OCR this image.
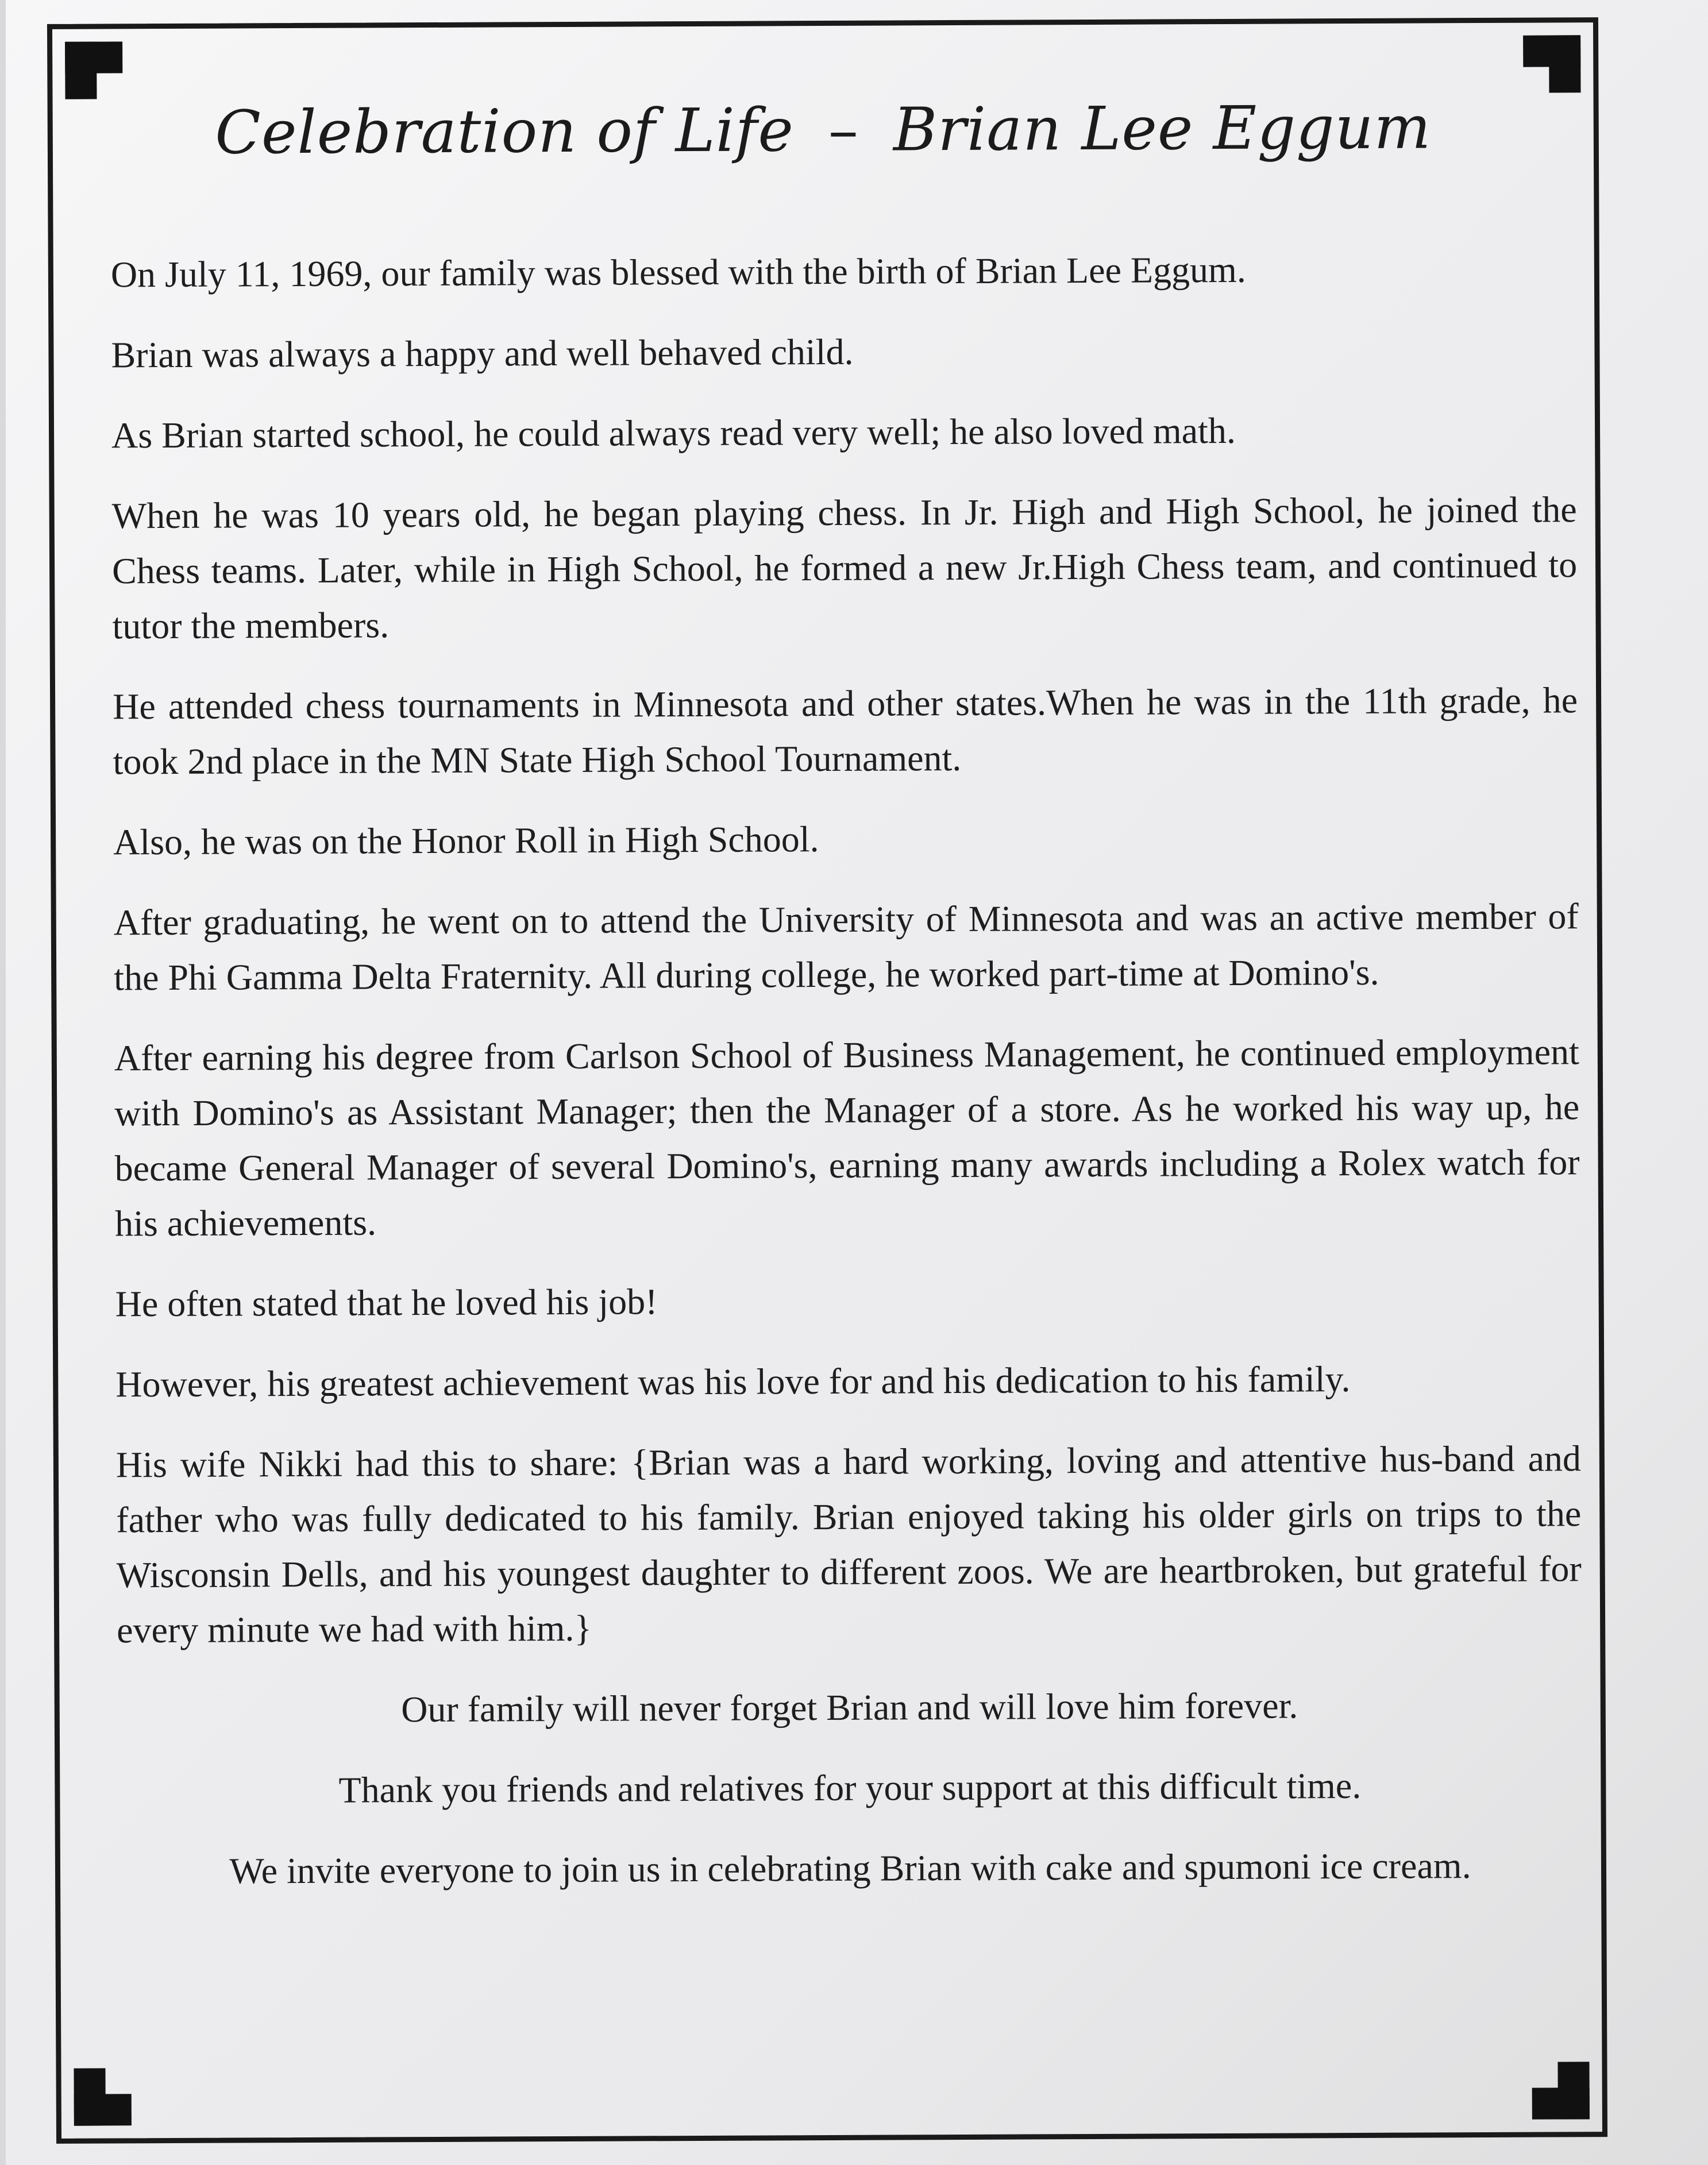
Celebration of Life – Brian Lee Eggum

On July 11, 1969, our family was blessed with the birth of Brian Lee Eggum.

Brian was always a happy and well behaved child.

As Brian started school, he could always read very well; he also loved math.

When he was 10 years old, he began playing chess. In Jr. High and High School, he joined the Chess teams. Later, while in High School, he formed a new Jr.High Chess team, and continued to tutor the members.

He attended chess tournaments in Minnesota and other states.When he was in the 11th grade, he took 2nd place in the MN State High School Tournament.

Also, he was on the Honor Roll in High School.

After graduating, he went on to attend the University of Minnesota and was an active member of the Phi Gamma Delta Fraternity. All during college, he worked part-time at Domino's.

After earning his degree from Carlson School of Business Management, he continued employment with Domino's as Assistant Manager; then the Manager of a store. As he worked his way up, he became General Manager of several Domino's, earning many awards including a Rolex watch for his achievements.

He often stated that he loved his job!

However, his greatest achievement was his love for and his dedication to his family.

His wife Nikki had this to share: {Brian was a hard working, loving and attentive hus-band and father who was fully dedicated to his family. Brian enjoyed taking his older girls on trips to the Wisconsin Dells, and his youngest daughter to different zoos. We are heartbroken, but grateful for every minute we had with him.}

Our family will never forget Brian and will love him forever.

Thank you friends and relatives for your support at this difficult time.

We invite everyone to join us in celebrating Brian with cake and spumoni ice cream.
